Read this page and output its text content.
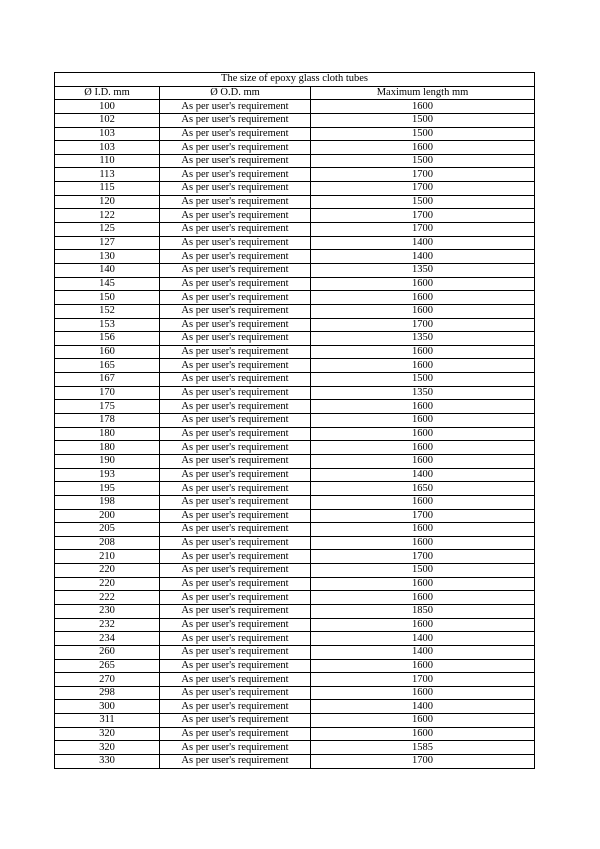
The size of epoxy glass cloth tubes		
Ø I.D. mm	Ø O.D. mm	Maximum length mm
100	As per user's requirement	1600
102	As per user's requirement	1500
103	As per user's requirement	1500
103	As per user's requirement	1600
110	As per user's requirement	1500
113	As per user's requirement	1700
115	As per user's requirement	1700
120	As per user's requirement	1500
122	As per user's requirement	1700
125	As per user's requirement	1700
127	As per user's requirement	1400
130	As per user's requirement	1400
140	As per user's requirement	1350
145	As per user's requirement	1600
150	As per user's requirement	1600
152	As per user's requirement	1600
153	As per user's requirement	1700
156	As per user's requirement	1350
160	As per user's requirement	1600
165	As per user's requirement	1600
167	As per user's requirement	1500
170	As per user's requirement	1350
175	As per user's requirement	1600
178	As per user's requirement	1600
180	As per user's requirement	1600
180	As per user's requirement	1600
190	As per user's requirement	1600
193	As per user's requirement	1400
195	As per user's requirement	1650
198	As per user's requirement	1600
200	As per user's requirement	1700
205	As per user's requirement	1600
208	As per user's requirement	1600
210	As per user's requirement	1700
220	As per user's requirement	1500
220	As per user's requirement	1600
222	As per user's requirement	1600
230	As per user's requirement	1850
232	As per user's requirement	1600
234	As per user's requirement	1400
260	As per user's requirement	1400
265	As per user's requirement	1600
270	As per user's requirement	1700
298	As per user's requirement	1600
300	As per user's requirement	1400
311	As per user's requirement	1600
320	As per user's requirement	1600
320	As per user's requirement	1585
330	As per user's requirement	1700
